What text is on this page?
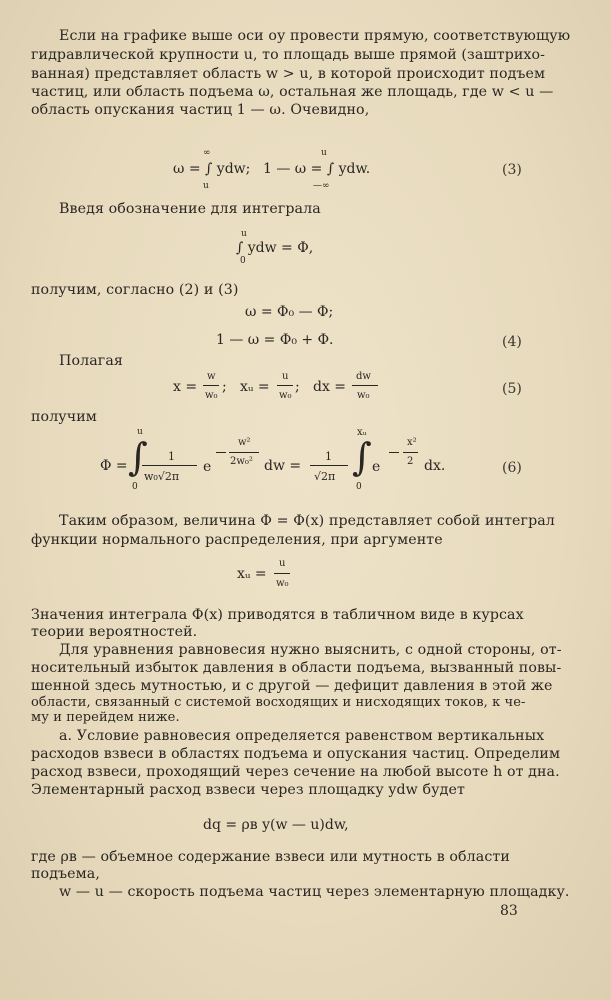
Если на графике выше оси оу провести прямую, соответствующую
гидравлической крупности u, то площадь выше прямой (заштрихо-
ванная) представляет область w > u, в которой происходит подъем
частиц, или область подъема ω, остальная же площадь, где w < u —
область опускания частиц 1 — ω. Очевидно,
∞
ω = ∫ ydw;
u
u
1 — ω = ∫ ydw.
—∞
(3)
Введя обозначение для интеграла
u
∫ ydw = Φ,
0
получим, согласно (2) и (3)
ω = Φ₀ — Φ;
1 — ω = Φ₀ + Φ.	(4)
Полагая
x =
w
w₀
; xᵤ =
u
w₀
; dx =
dw
w₀	(5)
получим
Φ =
u
∫
0
1
w₀√2π
e
w²
2w₀² dw =
1
√2π
xᵤ
∫
0
e
x²
2 dx.	(6)
Таким образом, величина Φ = Φ(x) представляет собой интеграл
функции нормального распределения, при аргументе
xᵤ =
u
w₀
Значения интеграла Φ(x) приводятся в табличном виде в курсах
теории вероятностей.
Для уравнения равновесия нужно выяснить, с одной стороны, от-
носительный избыток давления в области подъема, вызванный повы-
шенной здесь мутностью, и с другой — дефицит давления в этой же
области, связанный с системой восходящих и нисходящих токов, к че-
му и перейдем ниже.
а. Условие равновесия определяется равенством вертикальных
расходов взвеси в областях подъема и опускания частиц. Определим
расход взвеси, проходящий через сечение на любой высоте h от дна.
Элементарный расход взвеси через площадку ydw будет
dq = ρв y(w — u)dw,
где ρв — объемное содержание взвеси или мутность в области
подъема,
w — u — скорость подъема частиц через элементарную площадку.
83
